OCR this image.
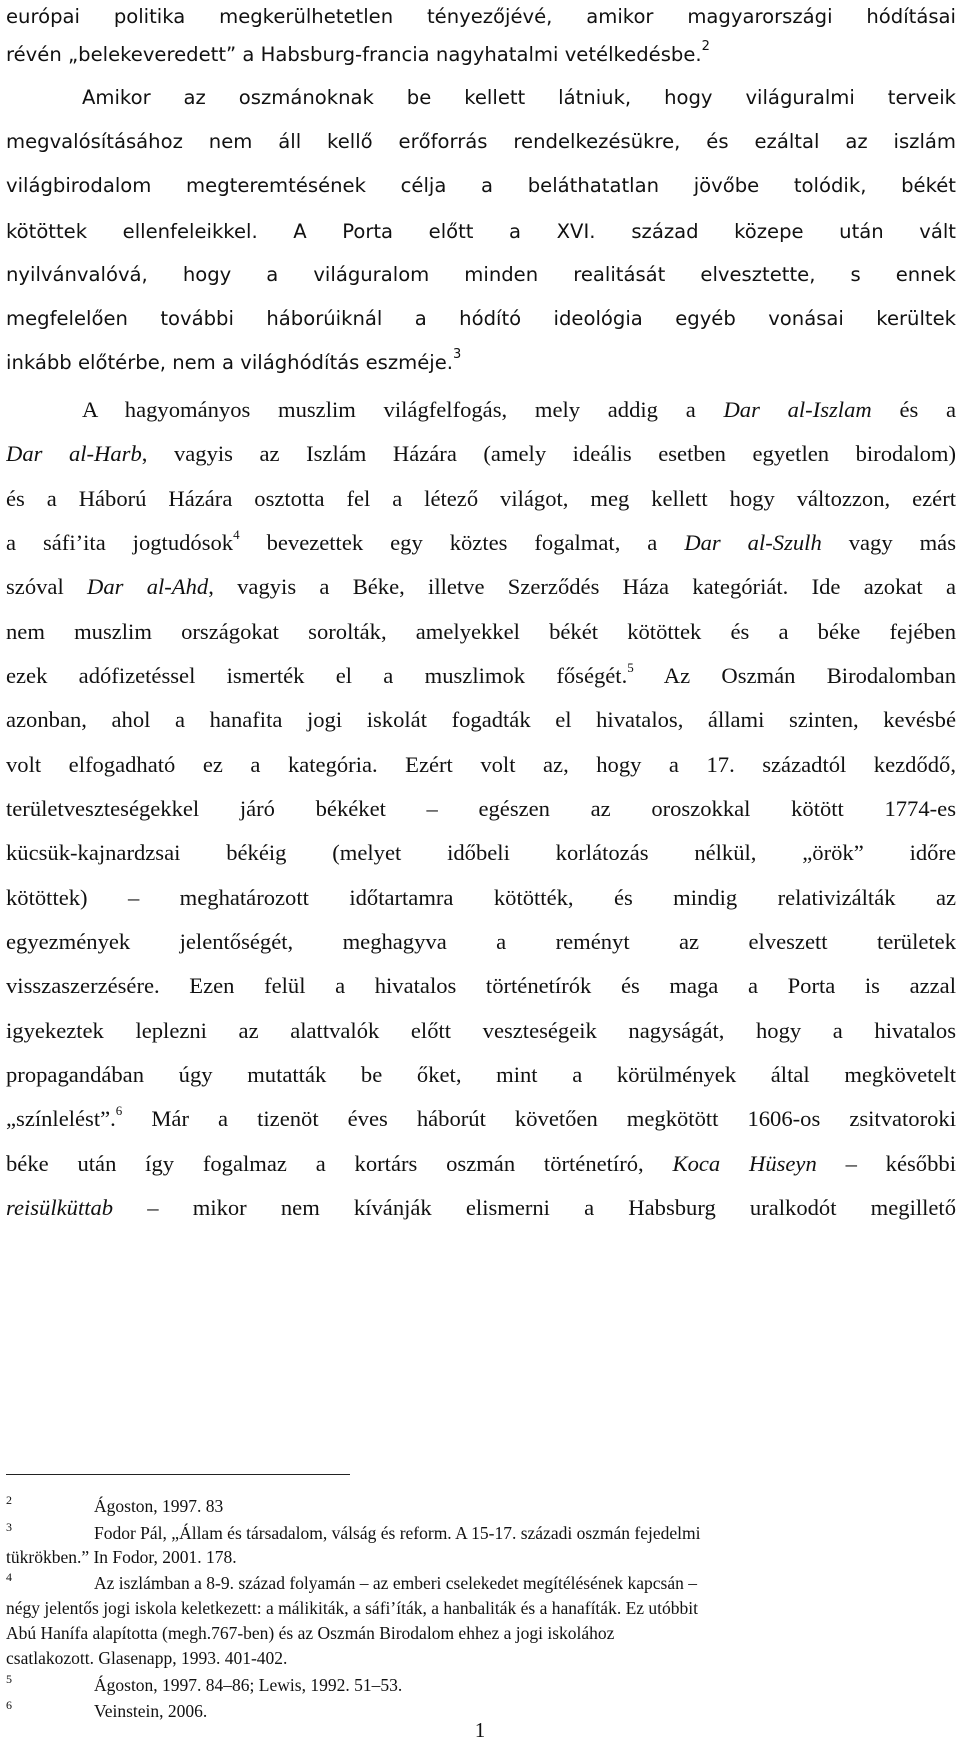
európai politika megkerülhetetlen tényezőjévé, amikor magyarországi hódításai
révén „belekeveredett” a Habsburg-francia nagyhatalmi vetélkedésbe.$^2$
Amikor az oszmánoknak be kellett látniuk, hogy világuralmi terveik
megvalósításához nem áll kellő erőforrás rendelkezésükre, és ezáltal az iszlám
világbirodalom megteremtésének célja a beláthatatlan jövőbe tolódik, békét
kötöttek ellenfeleikkel. A Porta előtt a XVI. század közepe után vált
nyilvánvalóvá, hogy a világuralom minden realitását elvesztette, s ennek
megfelelően további háborúiknál a hódító ideológia egyéb vonásai kerültek
inkább előtérbe, nem a világhódítás eszméje.$^3$
A hagyományos muszlim világfelfogás, mely addig a Dar al-Iszlam és a
Dar al-Harb, vagyis az Iszlám Házára (amely ideális esetben egyetlen birodalom)
és a Háború Házára osztotta fel a létező világot, meg kellett hogy változzon, ezért
a sáfi’ita jogtudósok$^4$ bevezettek egy köztes fogalmat, a Dar al-Szulh vagy más
szóval Dar al-Ahd, vagyis a Béke, illetve Szerződés Háza kategóriát. Ide azokat a
nem muszlim országokat sorolták, amelyekkel békét kötöttek és a béke fejében
ezek adófizetéssel ismerték el a muszlimok főségét.$^5$ Az Oszmán Birodalomban
azonban, ahol a hanafita jogi iskolát fogadták el hivatalos, állami szinten, kevésbé
volt elfogadható ez a kategória. Ezért volt az, hogy a 17. századtól kezdődő,
területveszteségekkel járó békéket – egészen az oroszokkal kötött 1774-es
kücsük-kajnardzsai békéig (melyet időbeli korlátozás nélkül, „örök” időre
kötöttek) – meghatározott időtartamra kötötték, és mindig relativizálták az
egyezmények jelentőségét, meghagyva a reményt az elveszett területek
visszaszerzésére. Ezen felül a hivatalos történetírók és maga a Porta is azzal
igyekeztek leplezni az alattvalók előtt veszteségeik nagyságát, hogy a hivatalos
propagandában úgy mutatták be őket, mint a körülmények által megkövetelt
„színlelést”.$^6$ Már a tizenöt éves háborút követően megkötött 1606-os zsitvatoroki
béke után így fogalmaz a kortárs oszmán történetíró, Koca Hüseyn – későbbi
reisülküttab – mikor nem kívánják elismerni a Habsburg uralkodót megillető
2	Ágoston, 1997. 83
3	Fodor Pál, „Állam és társadalom, válság és reform. A 15-17. századi oszmán fejedelmi
tükrökben.” In Fodor, 2001. 178.
4	Az iszlámban a 8-9. század folyamán – az emberi cselekedet megítélésének kapcsán –
négy jelentős jogi iskola keletkezett: a málikiták, a sáfi’íták, a hanbaliták és a hanafíták. Ez utóbbit
Abú Hanífa alapította (megh.767-ben) és az Oszmán Birodalom ehhez a jogi iskolához
csatlakozott. Glasenapp, 1993. 401-402.
5	Ágoston, 1997. 84–86; Lewis, 1992. 51–53.
6	Veinstein, 2006.
1
